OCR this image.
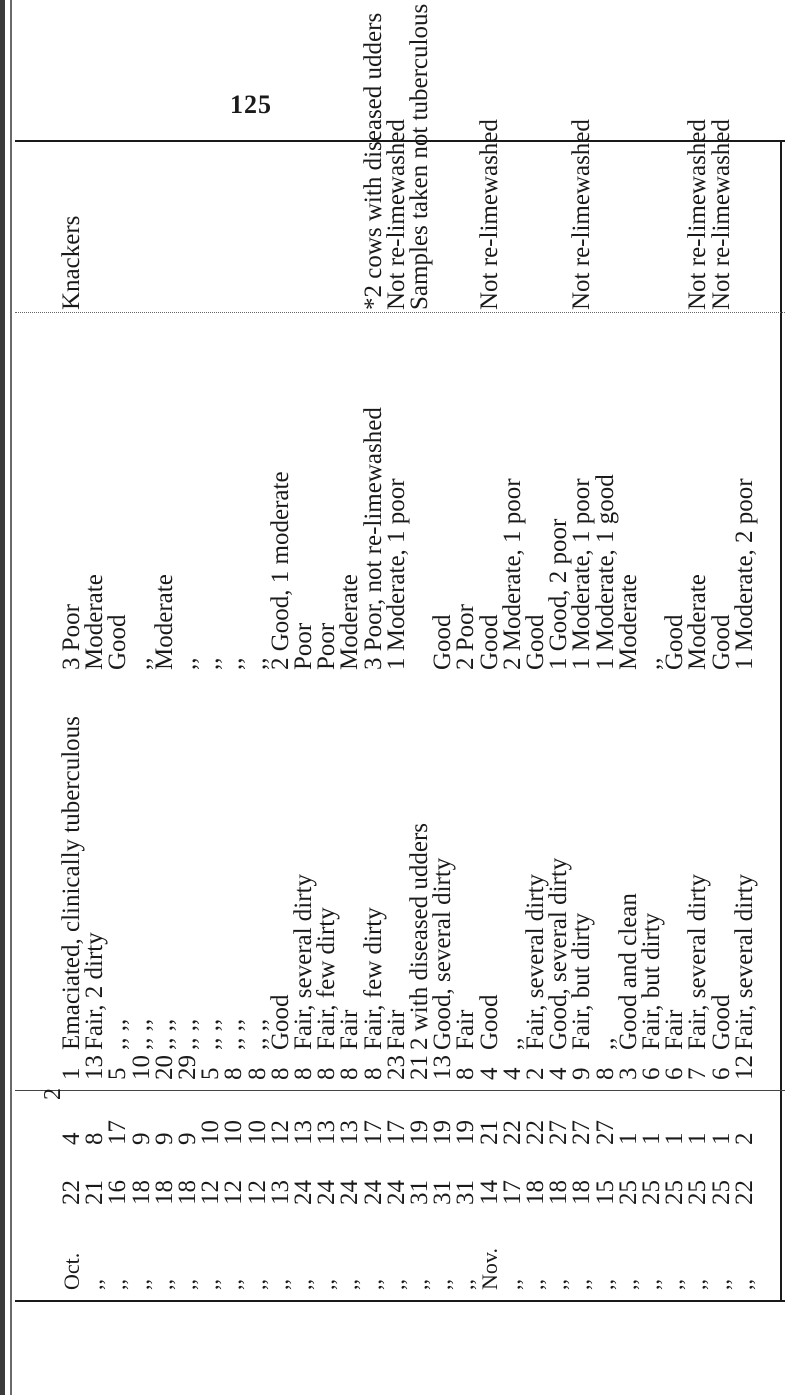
125
2
Oct.
22
4
1
Emaciated, clinically tuberculous
3 Poor
Knackers
,,
21
8
13
Fair, 2 dirty
Moderate
,,
16
17
5
,, ,,
Good
,,
18
9
10
,, ,,
,,
,,
18
9
20
,, ,,
Moderate
,,
18
9
29
,, ,,
,,
,,
12
10
5
,, ,,
,,
,,
12
10
8
,, ,,
,,
,,
12
10
8
,, ,,
,,
,,
13
12
8
Good
2 Good, 1 moderate
,,
24
13
8
Fair, several dirty
Poor
,,
24
13
8
Fair, few dirty
Poor
,,
24
13
8
Fair
Moderate
,,
24
17
8
Fair, few dirty
3 Poor, not re-limewashed
*2 cows with diseased udders
,,
24
17
23
Fair
1 Moderate, 1 poor
Not re-limewashed
,,
31
19
21
2 with diseased udders
Samples taken not tuberculous
,,
31
19
13
Good, several dirty
Good
,,
31
19
8
Fair
2 Poor
Nov.
14
21
4
Good
Good
Not re-limewashed
,,
17
22
4
,,
2 Moderate, 1 poor
,,
18
22
2
Fair, several dirty
Good
,,
18
27
4
Good, several dirty
1 Good, 2 poor
,,
18
27
9
Fair, but dirty
1 Moderate, 1 poor
Not re-limewashed
,,
15
27
8
,,
1 Moderate, 1 good
,,
25
1
3
Good and clean
Moderate
,,
25
1
6
Fair, but dirty
,,
,,
25
1
6
Fair
Good
,,
25
1
7
Fair, several dirty
Moderate
Not re-limewashed
,,
25
1
6
Good
Good
Not re-limewashed
,,
22
2
12
Fair, several dirty
1 Moderate, 2 poor
